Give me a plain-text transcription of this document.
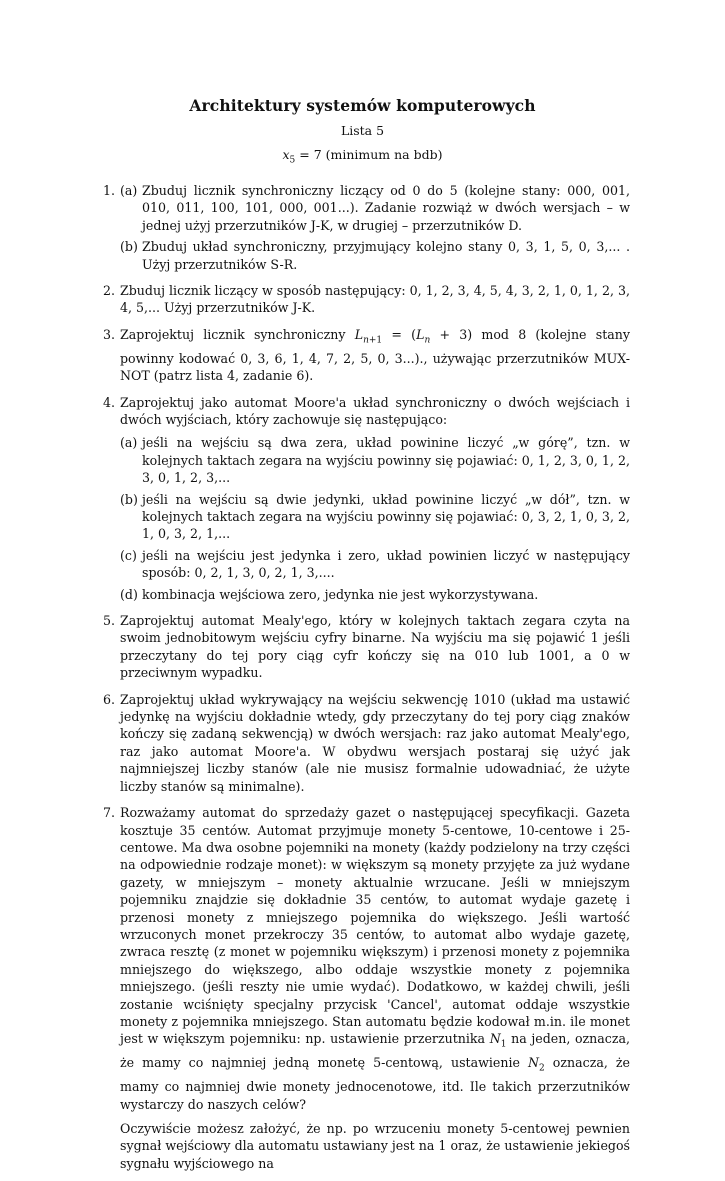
Architektury systemów komputerowych

Lista 5
$x_5 = 7$ (minimum na bdb)
1. (a) Zbuduj licznik synchroniczny liczący od 0 do 5 (kolejne stany: 000, 001, 010, 011, 100, 101, 000, 001...). Zadanie rozwiąż w dwóch wersjach – w jednej użyj przerzutników J-K, w drugiej – przerzutników D.

(b) Zbuduj układ synchroniczny, przyjmujący kolejno stany 0, 3, 1, 5, 0, 3,... . Użyj przerzutników S-R.

2. Zbuduj licznik liczący w sposób następujący: 0, 1, 2, 3, 4, 5, 4, 3, 2, 1, 0, 1, 2, 3, 4, 5,... Użyj przerzutników J-K.

3. Zaprojektuj licznik synchroniczny $L_{n+1} = (L_n + 3)$ mod 8 (kolejne stany powinny kodować 0, 3, 6, 1, 4, 7, 2, 5, 0, 3...)., używając przerzutników MUX-NOT (patrz lista 4, zadanie 6).

4. Zaprojektuj jako automat Moore'a układ synchroniczny o dwóch wejściach i dwóch wyjściach, który zachowuje się następująco:

(a) jeśli na wejściu są dwa zera, układ powinine liczyć „w górę”, tzn. w kolejnych taktach zegara na wyjściu powinny się pojawiać: 0, 1, 2, 3, 0, 1, 2, 3, 0, 1, 2, 3,...

(b) jeśli na wejściu są dwie jedynki, układ powinine liczyć „w dół”, tzn. w kolejnych taktach zegara na wyjściu powinny się pojawiać: 0, 3, 2, 1, 0, 3, 2, 1, 0, 3, 2, 1,...

(c) jeśli na wejściu jest jedynka i zero, układ powinien liczyć w następujący sposób: 0, 2, 1, 3, 0, 2, 1, 3,....

(d) kombinacja wejściowa zero, jedynka nie jest wykorzystywana.

5. Zaprojektuj automat Mealy'ego, który w kolejnych taktach zegara czyta na swoim jednobitowym wejściu cyfry binarne. Na wyjściu ma się pojawić 1 jeśli przeczytany do tej pory ciąg cyfr kończy się na 010 lub 1001, a 0 w przeciwnym wypadku.

6. Zaprojektuj układ wykrywający na wejściu sekwencję 1010 (układ ma ustawić jedynkę na wyjściu dokładnie wtedy, gdy przeczytany do tej pory ciąg znaków kończy się zadaną sekwencją) w dwóch wersjach: raz jako automat Mealy'ego, raz jako automat Moore'a. W obydwu wersjach postaraj się użyć jak najmniejszej liczby stanów (ale nie musisz formalnie udowadniać, że użyte liczby stanów są minimalne).

7. Rozważamy automat do sprzedaży gazet o następującej specyfikacji. Gazeta kosztuje 35 centów. Automat przyjmuje monety 5-centowe, 10-centowe i 25-centowe. Ma dwa osobne pojemniki na monety (każdy podzielony na trzy części na odpowiednie rodzaje monet): w większym są monety przyjęte za już wydane gazety, w mniejszym – monety aktualnie wrzucane. Jeśli w mniejszym pojemniku znajdzie się dokładnie 35 centów, to automat wydaje gazetę i przenosi monety z mniejszego pojemnika do większego. Jeśli wartość wrzuconych monet przekroczy 35 centów, to automat albo wydaje gazetę, zwraca resztę (z monet w pojemniku większym) i przenosi monety z pojemnika mniejszego do większego, albo oddaje wszystkie monety z pojemnika mniejszego. (jeśli reszty nie umie wydać). Dodatkowo, w każdej chwili, jeśli zostanie wciśnięty specjalny przycisk 'Cancel', automat oddaje wszystkie monety z pojemnika mniejszego. Stan automatu będzie kodował m.in. ile monet jest w większym pojemniku: np. ustawienie przerzutnika $N_1$ na jeden, oznacza, że mamy co najmniej jedną monetę 5-centową, ustawienie $N_2$ oznacza, że mamy co najmniej dwie monety jednocenotowe, itd. Ile takich przerzutników wystarczy do naszych celów?

Oczywiście możesz założyć, że np. po wrzuceniu monety 5-centowej pewnien sygnał wejściowy dla automatu ustawiany jest na 1 oraz, że ustawienie jekiegoś sygnału wyjściowego na
